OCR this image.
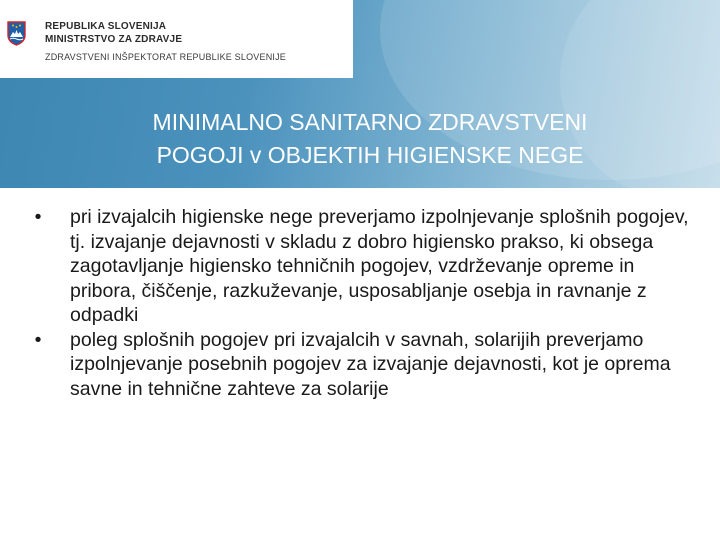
REPUBLIKA SLOVENIJA
MINISTRSTVO ZA ZDRAVJE
ZDRAVSTVENI INŠPEKTORAT REPUBLIKE SLOVENIJE
MINIMALNO SANITARNO ZDRAVSTVENI
POGOJI v OBJEKTIH HIGIENSKE NEGE
•	pri izvajalcih higienske nege preverjamo izpolnjevanje splošnih pogojev, tj. izvajanje dejavnosti v skladu z dobro higiensko prakso, ki obsega zagotavljanje higiensko tehničnih pogojev, vzdrževanje opreme in pribora, čiščenje, razkuževanje, usposabljanje osebja in ravnanje z odpadki
•	poleg splošnih pogojev pri izvajalcih v savnah, solarijih preverjamo izpolnjevanje posebnih pogojev za izvajanje dejavnosti, kot je oprema savne in tehnične zahteve za solarije
